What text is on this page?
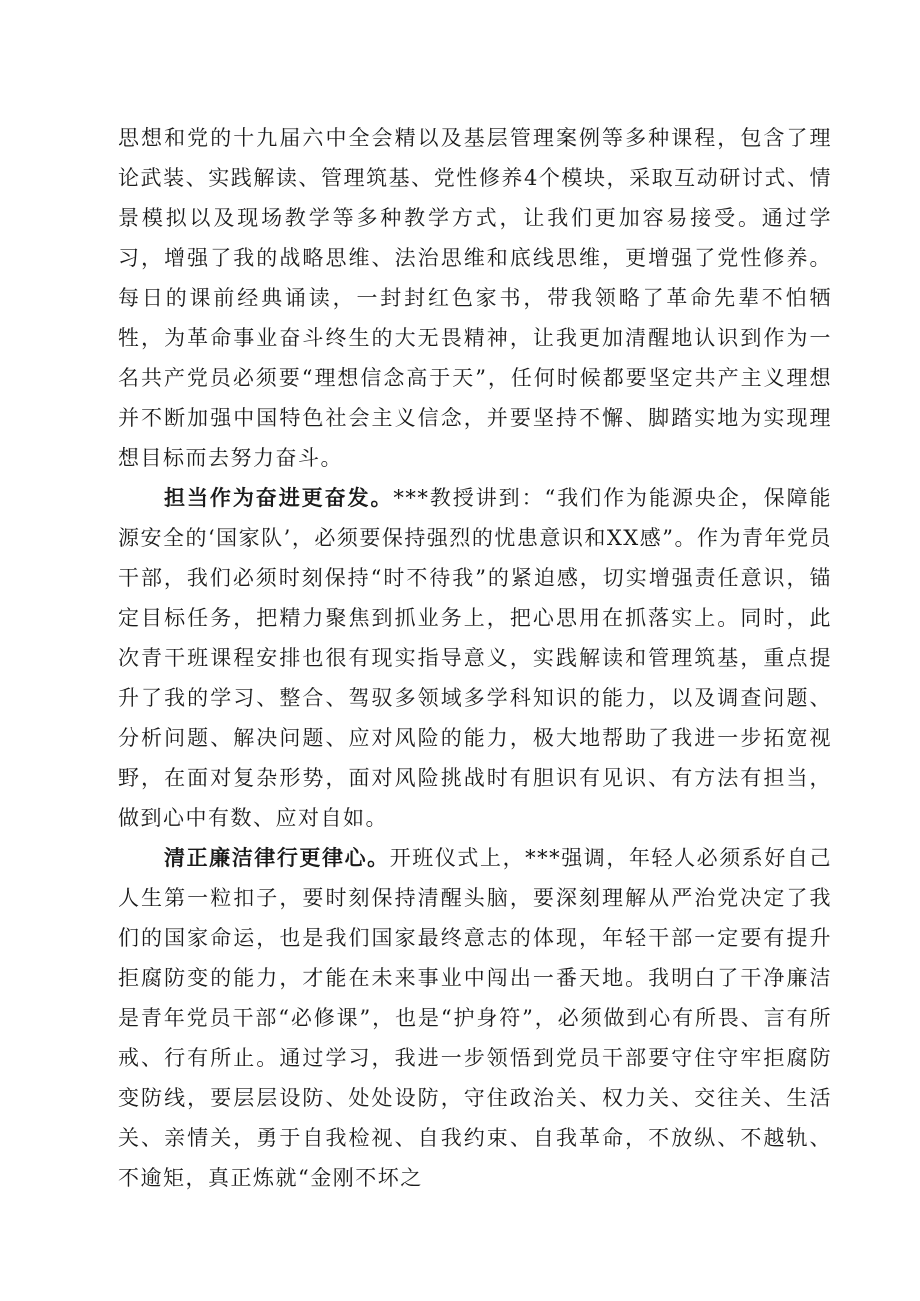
思想和党的十九届六中全会精以及基层管理案例等多种课程，包含了理论武装、实践解读、管理筑基、党性修养4个模块，采取互动研讨式、情景模拟以及现场教学等多种教学方式，让我们更加容易接受。通过学习，增强了我的战略思维、法治思维和底线思维，更增强了党性修养。每日的课前经典诵读，一封封红色家书，带我领略了革命先辈不怕牺牲，为革命事业奋斗终生的大无畏精神，让我更加清醒地认识到作为一名共产党员必须要“理想信念高于天”，任何时候都要坚定共产主义理想并不断加强中国特色社会主义信念，并要坚持不懈、脚踏实地为实现理想目标而去努力奋斗。

担当作为奋进更奋发。***教授讲到：“我们作为能源央企，保障能源安全的‘国家队’，必须要保持强烈的忧患意识和XX感”。作为青年党员干部，我们必须时刻保持“时不待我”的紧迫感，切实增强责任意识，锚定目标任务，把精力聚焦到抓业务上，把心思用在抓落实上。同时，此次青干班课程安排也很有现实指导意义，实践解读和管理筑基，重点提升了我的学习、整合、驾驭多领域多学科知识的能力，以及调查问题、分析问题、解决问题、应对风险的能力，极大地帮助了我进一步拓宽视野，在面对复杂形势，面对风险挑战时有胆识有见识、有方法有担当，做到心中有数、应对自如。

清正廉洁律行更律心。开班仪式上，***强调，年轻人必须系好自己人生第一粒扣子，要时刻保持清醒头脑，要深刻理解从严治党决定了我们的国家命运，也是我们国家最终意志的体现，年轻干部一定要有提升拒腐防变的能力，才能在未来事业中闯出一番天地。我明白了干净廉洁是青年党员干部“必修课”，也是“护身符”，必须做到心有所畏、言有所戒、行有所止。通过学习，我进一步领悟到党员干部要守住守牢拒腐防变防线，要层层设防、处处设防，守住政治关、权力关、交往关、生活关、亲情关，勇于自我检视、自我约束、自我革命，不放纵、不越轨、不逾矩，真正炼就“金刚不坏之
